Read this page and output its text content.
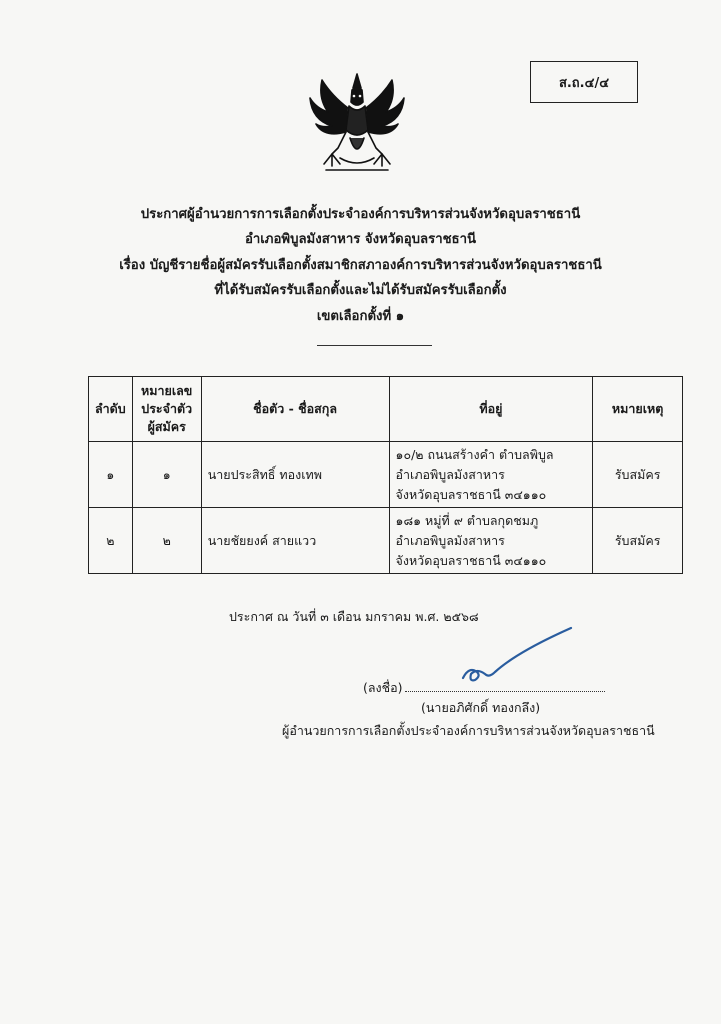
ส.ถ.๔/๔
ประกาศผู้อำนวยการการเลือกตั้งประจำองค์การบริหารส่วนจังหวัดอุบลราชธานี
อำเภอพิบูลมังสาหาร จังหวัดอุบลราชธานี
เรื่อง บัญชีรายชื่อผู้สมัครรับเลือกตั้งสมาชิกสภาองค์การบริหารส่วนจังหวัดอุบลราชธานี
ที่ได้รับสมัครรับเลือกตั้งและไม่ได้รับสมัครรับเลือกตั้ง
เขตเลือกตั้งที่ ๑
ลำดับ	หมายเลข
ประจำตัว
ผู้สมัคร	ชื่อตัว - ชื่อสกุล	ที่อยู่	หมายเหตุ
๑	๑	นายประสิทธิ์ ทองเทพ	๑๐/๒ ถนนสร้างคำ ตำบลพิบูล
อำเภอพิบูลมังสาหาร
จังหวัดอุบลราชธานี ๓๔๑๑๐	รับสมัคร
๒	๒	นายชัยยงค์ สายแวว	๑๘๑ หมู่ที่ ๙ ตำบลกุดชมภู
อำเภอพิบูลมังสาหาร
จังหวัดอุบลราชธานี ๓๔๑๑๐	รับสมัคร
ประกาศ ณ วันที่ ๓ เดือน มกราคม พ.ศ. ๒๕๖๘
(ลงชื่อ)
(นายอภิศักดิ์ ทองกลึง)
ผู้อำนวยการการเลือกตั้งประจำองค์การบริหารส่วนจังหวัดอุบลราชธานี
